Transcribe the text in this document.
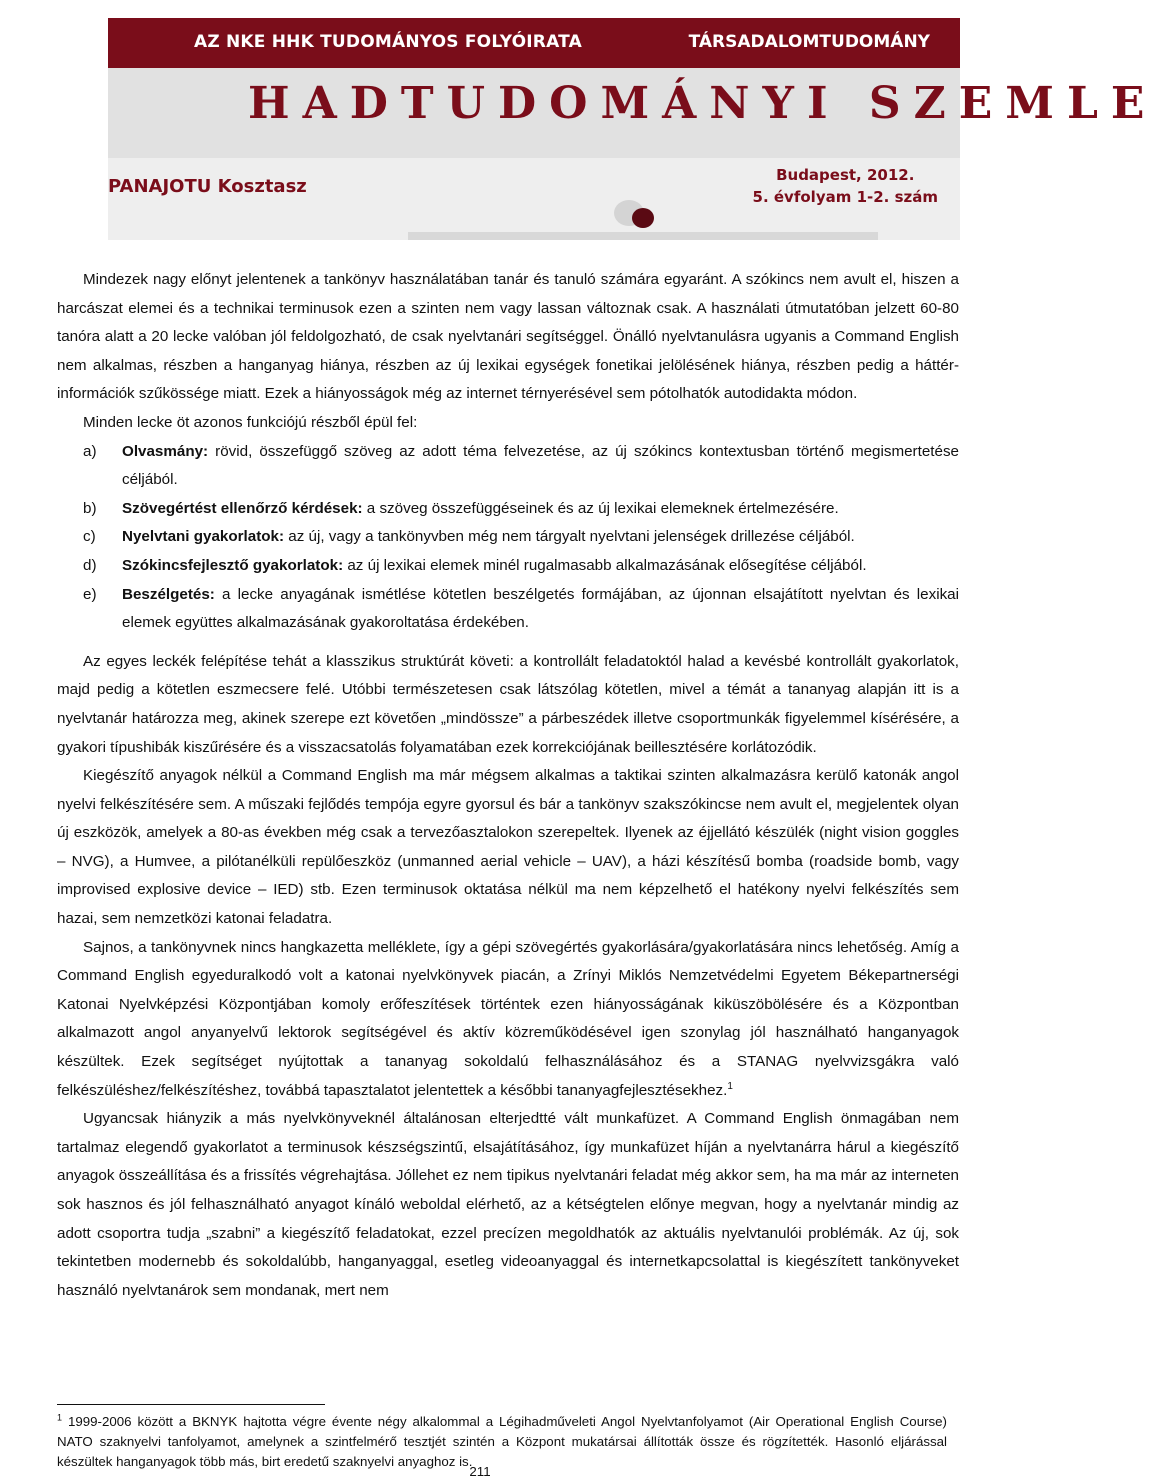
AZ NKE HHK TUDOMÁNYOS FOLYÓIRATA	TÁRSADALOMTUDOMÁNY
HADTUDOMÁNYI SZEMLE
PANAJOTU Kosztasz
Budapest, 2012.
5. évfolyam 1-2. szám

Mindezek nagy előnyt jelentenek a tankönyv használatában tanár és tanuló számára egyaránt. A szókincs nem avult el, hiszen a harcászat elemei és a technikai terminusok ezen a szinten nem vagy lassan változnak csak. A használati útmutatóban jelzett 60-80 tanóra alatt a 20 lecke valóban jól feldolgozható, de csak nyelvtanári segítséggel. Önálló nyelvtanulásra ugyanis a Command English nem alkalmas, részben a hanganyag hiánya, részben az új lexikai egységek fonetikai jelölésének hiánya, részben pedig a háttér-információk szűkössége miatt. Ezek a hiányosságok még az internet térnyerésével sem pótolhatók autodidakta módon.

Minden lecke öt azonos funkciójú részből épül fel:

a) Olvasmány: rövid, összefüggő szöveg az adott téma felvezetése, az új szókincs kontextusban történő megismertetése céljából.
b) Szövegértést ellenőrző kérdések: a szöveg összefüggéseinek és az új lexikai elemeknek értelmezésére.
c) Nyelvtani gyakorlatok: az új, vagy a tankönyvben még nem tárgyalt nyelvtani jelenségek drillezése céljából.
d) Szókincsfejlesztő gyakorlatok: az új lexikai elemek minél rugalmasabb alkalmazásának elősegítése céljából.
e) Beszélgetés: a lecke anyagának ismétlése kötetlen beszélgetés formájában, az újonnan elsajátított nyelvtan és lexikai elemek együttes alkalmazásának gyakoroltatása érdekében.

Az egyes leckék felépítése tehát a klasszikus struktúrát követi: a kontrollált feladatoktól halad a kevésbé kontrollált gyakorlatok, majd pedig a kötetlen eszmecsere felé. Utóbbi természetesen csak látszólag kötetlen, mivel a témát a tananyag alapján itt is a nyelvtanár határozza meg, akinek szerepe ezt követően „mindössze” a párbeszédek illetve csoportmunkák figyelemmel kísérésére, a gyakori típushibák kiszűrésére és a visszacsatolás folyamatában ezek korrekciójának beillesztésére korlátozódik.

Kiegészítő anyagok nélkül a Command English ma már mégsem alkalmas a taktikai szinten alkalmazásra kerülő katonák angol nyelvi felkészítésére sem. A műszaki fejlődés tempója egyre gyorsul és bár a tankönyv szakszókincse nem avult el, megjelentek olyan új eszközök, amelyek a 80-as években még csak a tervezőasztalokon szerepeltek. Ilyenek az éjjellátó készülék (night vision goggles – NVG), a Humvee, a pilótanélküli repülőeszköz (unmanned aerial vehicle – UAV), a házi készítésű bomba (roadside bomb, vagy improvised explosive device – IED) stb. Ezen terminusok oktatása nélkül ma nem képzelhető el hatékony nyelvi felkészítés sem hazai, sem nemzetközi katonai feladatra.

Sajnos, a tankönyvnek nincs hangkazetta melléklete, így a gépi szövegértés gyakorlására/gyakorlatására nincs lehetőség. Amíg a Command English egyeduralkodó volt a katonai nyelvkönyvek piacán, a Zrínyi Miklós Nemzetvédelmi Egyetem Békepartnerségi Katonai Nyelvképzési Központjában komoly erőfeszítések történtek ezen hiányosságának kiküszöbölésére és a Központban alkalmazott angol anyanyelvű lektorok segítségével és aktív közreműködésével igen szonylag jól használható hanganyagok készültek. Ezek segítséget nyújtottak a tananyag sokoldalú felhasználásához és a STANAG nyelvvizsgákra való felkészüléshez/felkészítéshez, továbbá tapasztalatot jelentettek a későbbi tananyagfejlesztésekhez.$^1$

Ugyancsak hiányzik a más nyelvkönyveknél általánosan elterjedtté vált munkafüzet. A Command English önmagában nem tartalmaz elegendő gyakorlatot a terminusok készségszintű, elsajátításához, így munkafüzet híján a nyelvtanárra hárul a kiegészítő anyagok összeállítása és a frissítés végrehajtása. Jóllehet ez nem tipikus nyelvtanári feladat még akkor sem, ha ma már az interneten sok hasznos és jól felhasználható anyagot kínáló weboldal elérhető, az a kétségtelen előnye megvan, hogy a nyelvtanár mindig az adott csoportra tudja „szabni” a kiegészítő feladatokat, ezzel precízen megoldhatók az aktuális nyelvtanulói problémák. Az új, sok tekintetben modernebb és sokoldalúbb, hanganyaggal, esetleg videoanyaggal és internetkapcsolattal is kiegészített tankönyveket használó nyelvtanárok sem mondanak, mert nem

$^1$ 1999-2006 között a BKNYK hajtotta végre évente négy alkalommal a Légihadműveleti Angol Nyelvtanfolyamot (Air Operational English Course) NATO szaknyelvi tanfolyamot, amelynek a szintfelmérő tesztjét szintén a Központ mukatársai állították össze és rögzítették. Hasonló eljárással készültek hanganyagok több más, birt eredetű szaknyelvi anyaghoz is.
211
